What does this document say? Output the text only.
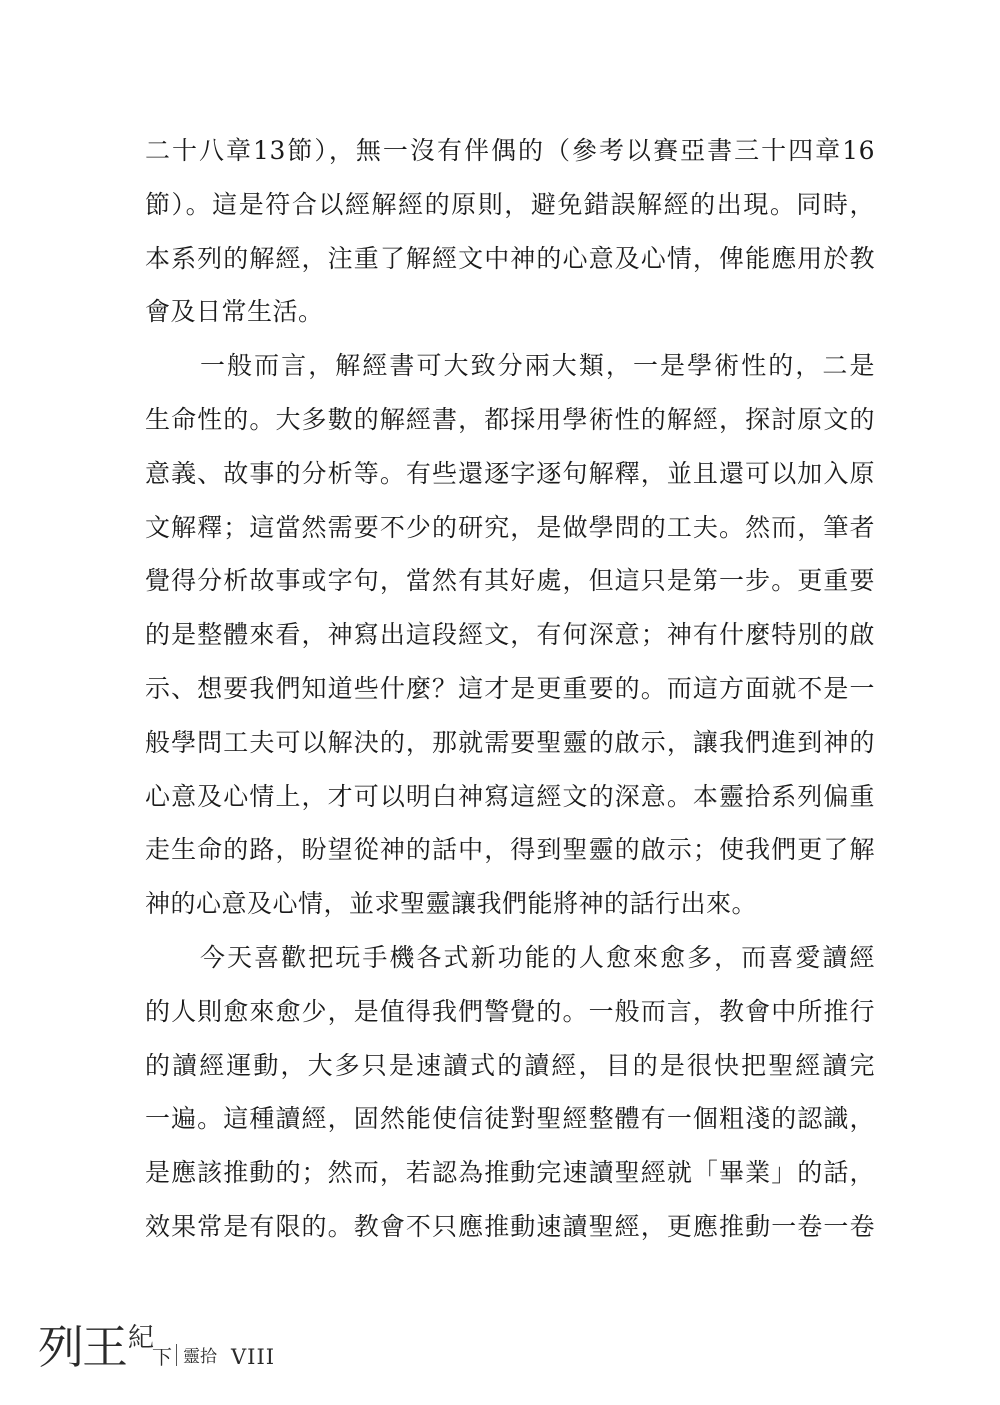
二十八章13節），無一沒有伴偶的（參考以賽亞書三十四章16
節）。這是符合以經解經的原則，避免錯誤解經的出現。同時，
本系列的解經，注重了解經文中神的心意及心情，俾能應用於教
會及日常生活。
一般而言，解經書可大致分兩大類，一是學術性的，二是
生命性的。大多數的解經書，都採用學術性的解經，探討原文的
意義、故事的分析等。有些還逐字逐句解釋，並且還可以加入原
文解釋；這當然需要不少的研究，是做學問的工夫。然而，筆者
覺得分析故事或字句，當然有其好處，但這只是第一步。更重要
的是整體來看，神寫出這段經文，有何深意；神有什麼特別的啟
示、想要我們知道些什麼？這才是更重要的。而這方面就不是一
般學問工夫可以解決的，那就需要聖靈的啟示，讓我們進到神的
心意及心情上，才可以明白神寫這經文的深意。本靈拾系列偏重
走生命的路，盼望從神的話中，得到聖靈的啟示；使我們更了解
神的心意及心情，並求聖靈讓我們能將神的話行出來。
今天喜歡把玩手機各式新功能的人愈來愈多，而喜愛讀經
的人則愈來愈少，是值得我們警覺的。一般而言，教會中所推行
的讀經運動，大多只是速讀式的讀經，目的是很快把聖經讀完
一遍。這種讀經，固然能使信徒對聖經整體有一個粗淺的認識，
是應該推動的；然而，若認為推動完速讀聖經就「畢業」的話，
效果常是有限的。教會不只應推動速讀聖經，更應推動一卷一卷
列王 紀
下 靈拾 VIII
